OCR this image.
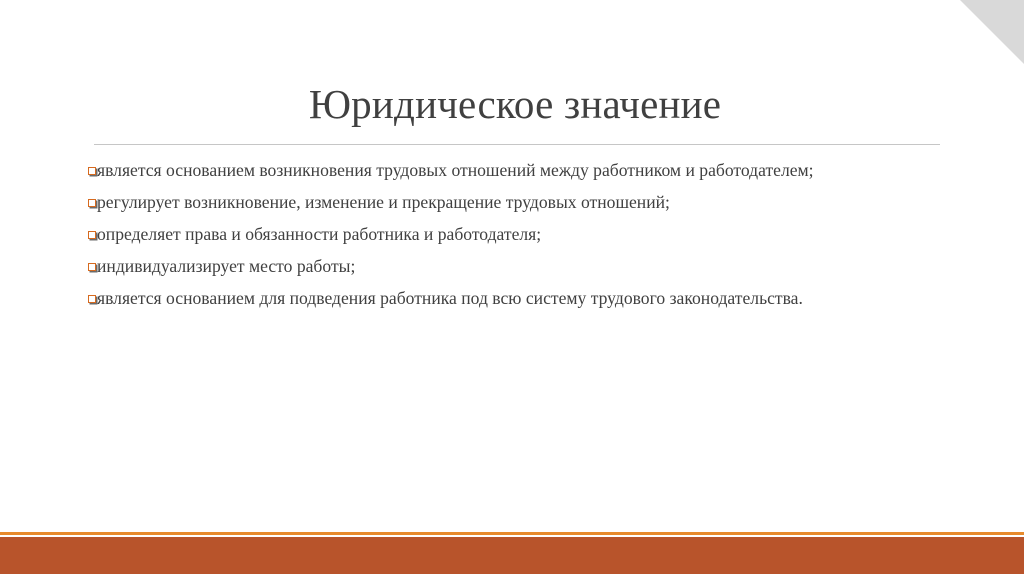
Юридическое значение
является основанием возникновения трудовых отношений между работником и работодателем;
регулирует возникновение, изменение и прекращение трудовых отношений;
определяет права и обязанности работника и работодателя;
индивидуализирует место работы;
является основанием для подведения работника под всю систему трудового законодательства.
